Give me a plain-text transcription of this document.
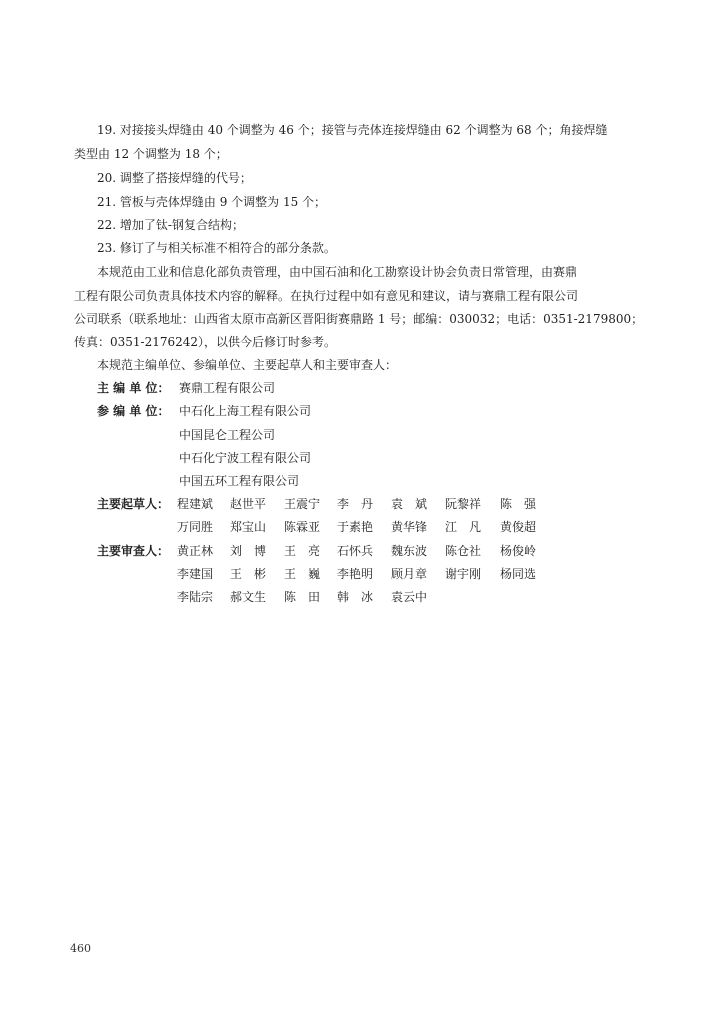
19. 对接接头焊缝由 40 个调整为 46 个；接管与壳体连接焊缝由 62 个调整为 68 个；角接焊缝
类型由 12 个调整为 18 个；
20. 调整了搭接焊缝的代号；
21. 管板与壳体焊缝由 9 个调整为 15 个；
22. 增加了钛-钢复合结构；
23. 修订了与相关标准不相符合的部分条款。
本规范由工业和信息化部负责管理，由中国石油和化工勘察设计协会负责日常管理，由赛鼎
工程有限公司负责具体技术内容的解释。在执行过程中如有意见和建议，请与赛鼎工程有限公司
公司联系（联系地址：山西省太原市高新区晋阳街赛鼎路 1 号；邮编：030032；电话：0351-2179800；
传真：0351-2176242），以供今后修订时参考。
本规范主编单位、参编单位、主要起草人和主要审查人：
主 编 单 位： 赛鼎工程有限公司
参 编 单 位： 中石化上海工程有限公司
中国昆仑工程公司
中石化宁波工程有限公司
中国五环工程有限公司
主要起草人： 程建斌 赵世平 王震宁 李　丹 袁　斌 阮黎祥 陈　强
万同胜 郑宝山 陈霖亚 于素艳 黄华锋 江　凡 黄俊超
主要审查人： 黄正林 刘　博 王　亮 石怀兵 魏东波 陈仓社 杨俊岭
李建国 王　彬 王　巍 李艳明 顾月章 谢宇刚 杨同选
李陆宗 郝文生 陈　田 韩　冰 袁云中
460
